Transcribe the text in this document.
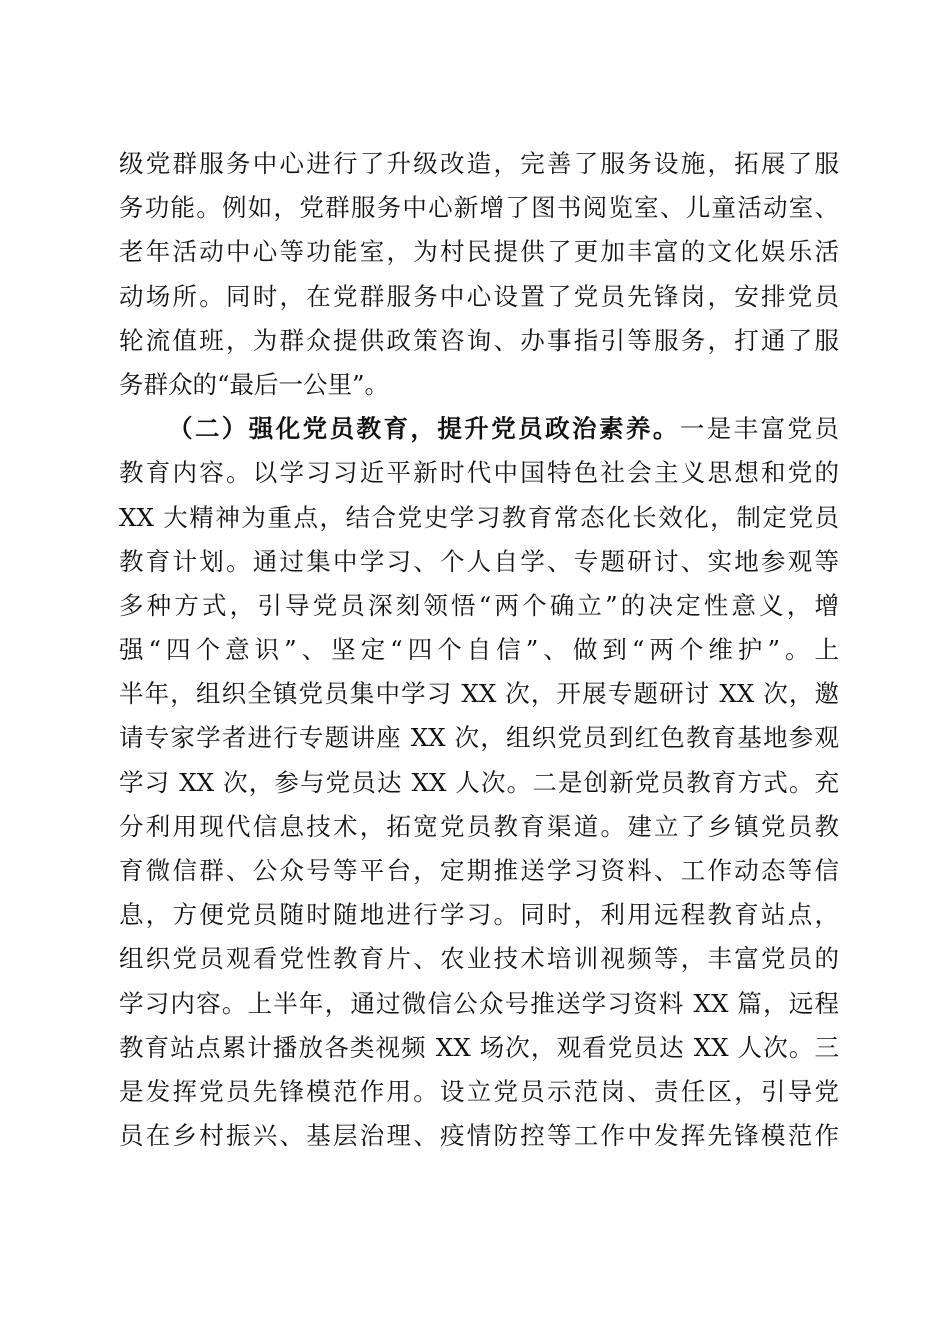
级党群服务中心进行了升级改造，完善了服务设施，拓展了服
务功能。例如，党群服务中心新增了图书阅览室、儿童活动室、
老年活动中心等功能室，为村民提供了更加丰富的文化娱乐活
动场所。同时，在党群服务中心设置了党员先锋岗，安排党员
轮流值班，为群众提供政策咨询、办事指引等服务，打通了服
务群众的“最后一公里”。
（二）强化党员教育，提升党员政治素养。一是丰富党员
教育内容。以学习习近平新时代中国特色社会主义思想和党的
XX 大精神为重点，结合党史学习教育常态化长效化，制定党员
教育计划。通过集中学习、个人自学、专题研讨、实地参观等
多种方式，引导党员深刻领悟“两个确立”的决定性意义，增
强“四个意识”、坚定“四个自信”、做到“两个维护”。上
半年，组织全镇党员集中学习 XX 次，开展专题研讨 XX 次，邀
请专家学者进行专题讲座 XX 次，组织党员到红色教育基地参观
学习 XX 次，参与党员达 XX 人次。二是创新党员教育方式。充
分利用现代信息技术，拓宽党员教育渠道。建立了乡镇党员教
育微信群、公众号等平台，定期推送学习资料、工作动态等信
息，方便党员随时随地进行学习。同时，利用远程教育站点，
组织党员观看党性教育片、农业技术培训视频等，丰富党员的
学习内容。上半年，通过微信公众号推送学习资料 XX 篇，远程
教育站点累计播放各类视频 XX 场次，观看党员达 XX 人次。三
是发挥党员先锋模范作用。设立党员示范岗、责任区，引导党
员在乡村振兴、基层治理、疫情防控等工作中发挥先锋模范作
